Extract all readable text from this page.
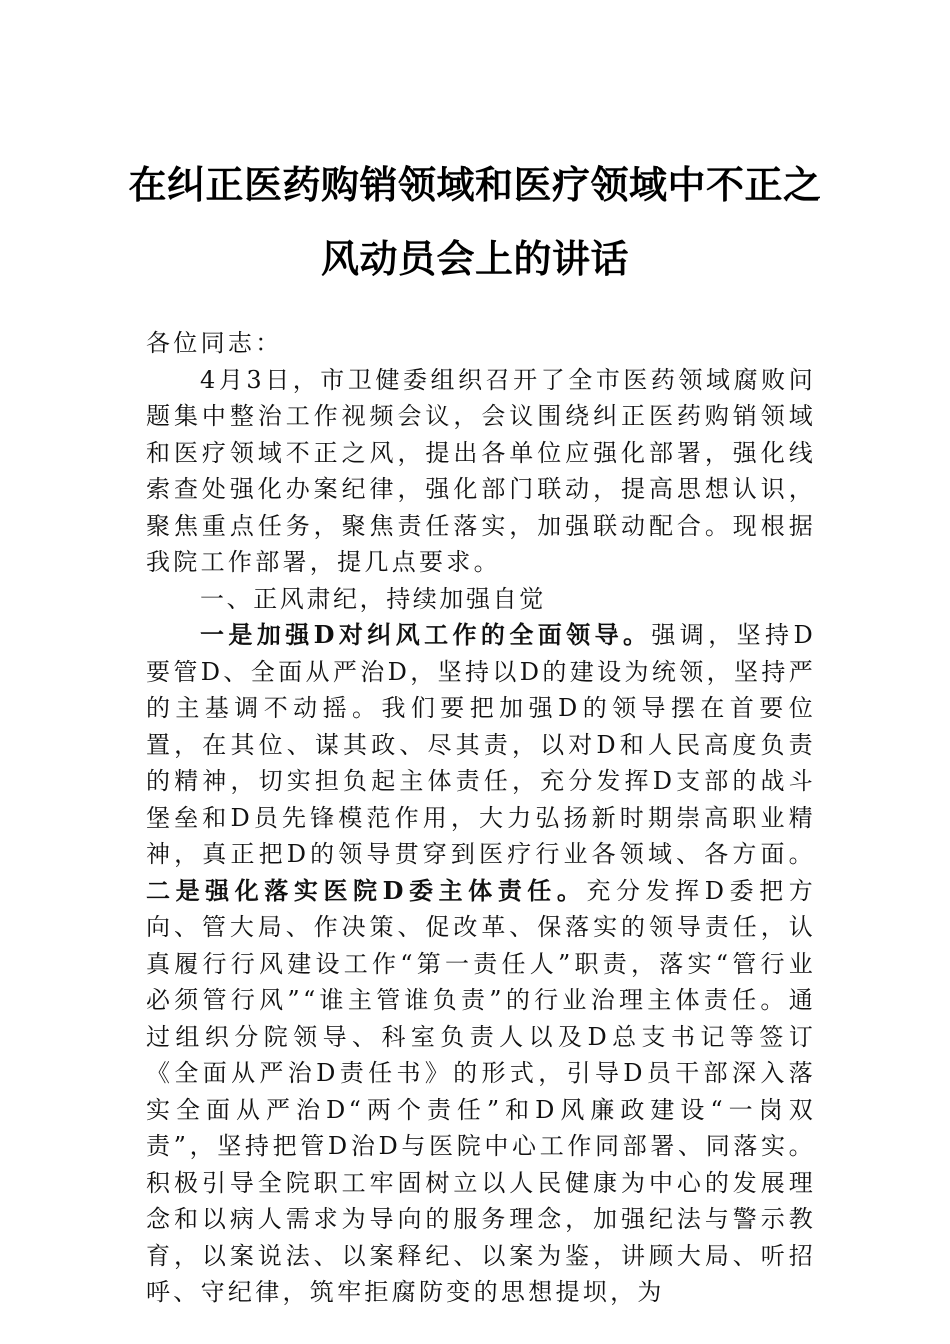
在纠正医药购销领域和医疗领域中不正之
风动员会上的讲话

各位同志：

4月3日，市卫健委组织召开了全市医药领域腐败问题集中整治工作视频会议，会议围绕纠正医药购销领域和医疗领域不正之风，提出各单位应强化部署，强化线索查处强化办案纪律，强化部门联动，提高思想认识，聚焦重点任务，聚焦责任落实，加强联动配合。现根据我院工作部署，提几点要求。

一、正风肃纪，持续加强自觉

一是加强D对纠风工作的全面领导。强调，坚持D要管D、全面从严治D，坚持以D的建设为统领，坚持严的主基调不动摇。我们要把加强D的领导摆在首要位置，在其位、谋其政、尽其责，以对D和人民高度负责的精神，切实担负起主体责任，充分发挥D支部的战斗堡垒和D员先锋模范作用，大力弘扬新时期崇高职业精神，真正把D的领导贯穿到医疗行业各领域、各方面。二是强化落实医院D委主体责任。充分发挥D委把方向、管大局、作决策、促改革、保落实的领导责任，认真履行行风建设工作“第一责任人”职责，落实“管行业必须管行风”“谁主管谁负责”的行业治理主体责任。通过组织分院领导、科室负责人以及D总支书记等签订《全面从严治D责任书》的形式，引导D员干部深入落实全面从严治D“两个责任”和D风廉政建设“一岗双责”，坚持把管D治D与医院中心工作同部署、同落实。积极引导全院职工牢固树立以人民健康为中心的发展理念和以病人需求为导向的服务理念，加强纪法与警示教育，以案说法、以案释纪、以案为鉴，讲顾大局、听招呼、守纪律，筑牢拒腐防变的思想提坝，为
